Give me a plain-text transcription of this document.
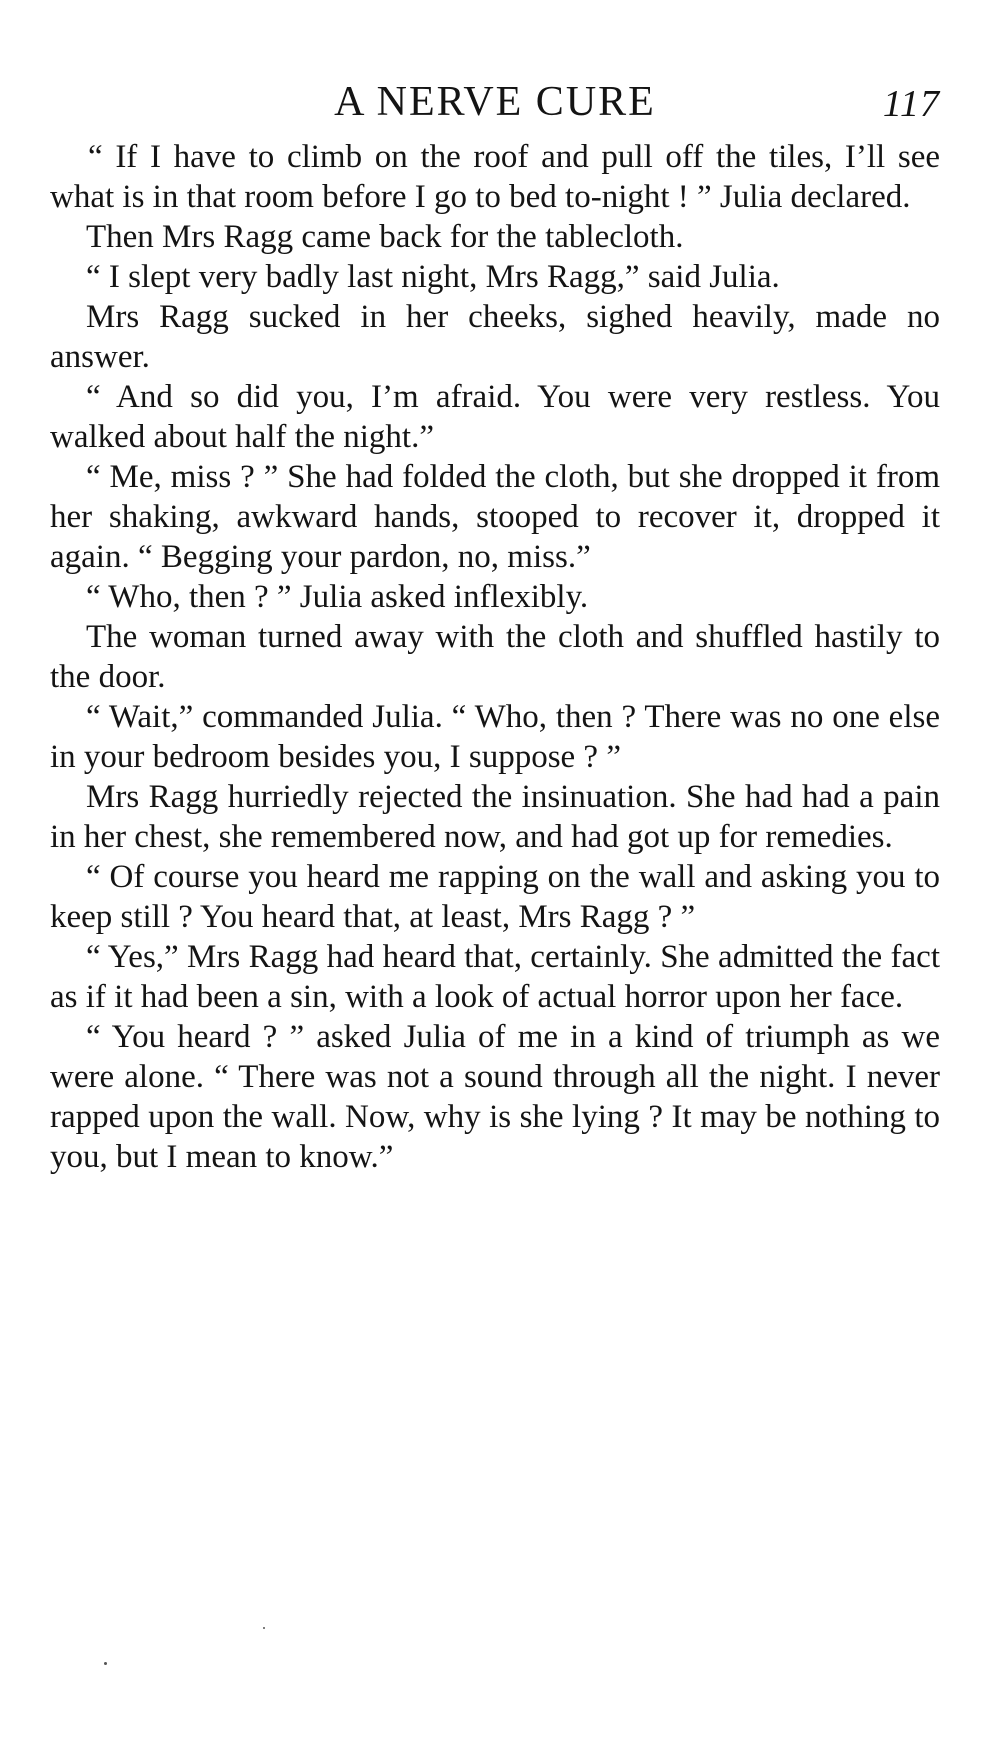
A NERVE CURE	117

“ If I have to climb on the roof and pull off the tiles, I’ll see what is in that room before I go to bed to-night ! ” Julia declared.

Then Mrs Ragg came back for the tablecloth.

“ I slept very badly last night, Mrs Ragg,” said Julia.

Mrs Ragg sucked in her cheeks, sighed heavily, made no answer.

“ And so did you, I’m afraid. You were very restless. You walked about half the night.”

“ Me, miss ? ” She had folded the cloth, but she dropped it from her shaking, awkward hands, stooped to recover it, dropped it again. “ Begging your pardon, no, miss.”

“ Who, then ? ” Julia asked inflexibly.

The woman turned away with the cloth and shuffled hastily to the door.

“ Wait,” commanded Julia. “ Who, then ? There was no one else in your bedroom besides you, I suppose ? ”

Mrs Ragg hurriedly rejected the insinuation. She had had a pain in her chest, she remembered now, and had got up for remedies.

“ Of course you heard me rapping on the wall and asking you to keep still ? You heard that, at least, Mrs Ragg ? ”

“ Yes,” Mrs Ragg had heard that, certainly. She admitted the fact as if it had been a sin, with a look of actual horror upon her face.

“ You heard ? ” asked Julia of me in a kind of triumph as we were alone. “ There was not a sound through all the night. I never rapped upon the wall. Now, why is she lying ? It may be nothing to you, but I mean to know.”
